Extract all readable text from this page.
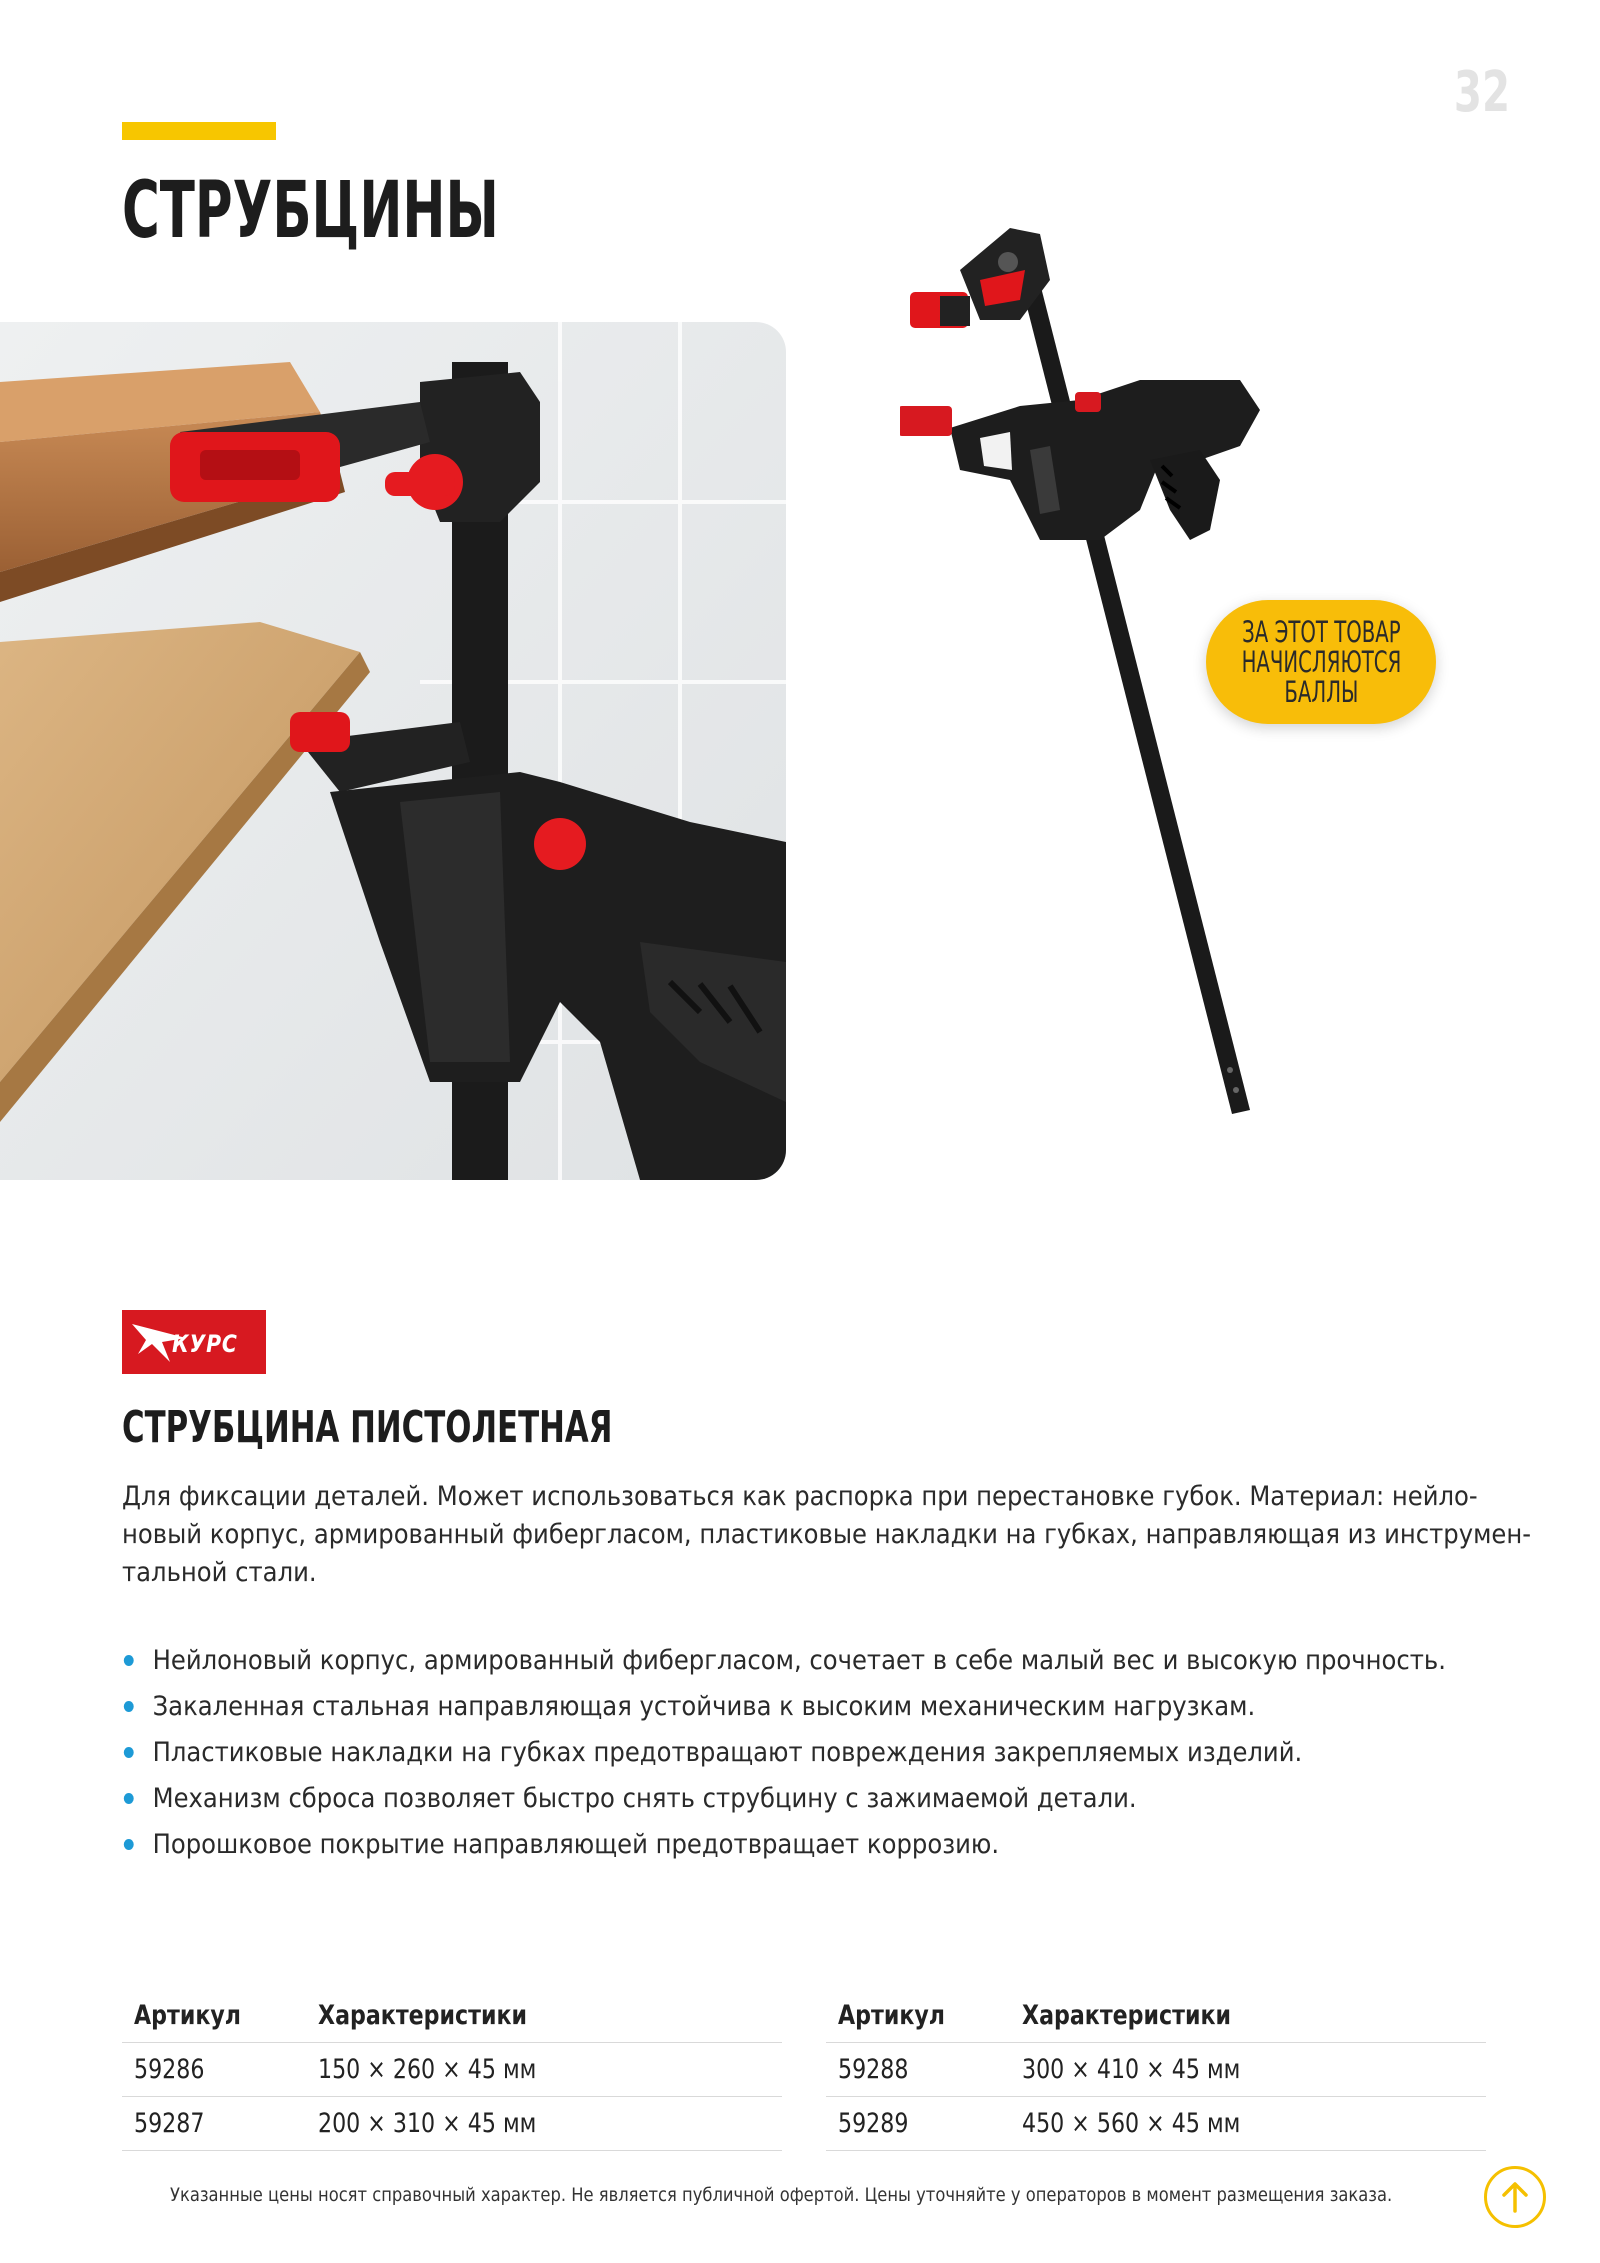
32
СТРУБЦИНЫ
ЗА ЭТОТ ТОВАР
НАЧИСЛЯЮТСЯ
БАЛЛЫ
КУРС
СТРУБЦИНА ПИСТОЛЕТНАЯ

Для фиксации деталей. Может использоваться как распорка при перестановке губок. Материал: нейло-

новый корпус, армированный фибергласом, пластиковые накладки на губках, направляющая из инструмен-

тальной стали.

Нейлоновый корпус, армированный фибергласом, сочетает в себе малый вес и высокую прочность.
Закаленная стальная направляющая устойчива к высоким механическим нагрузкам.
Пластиковые накладки на губках предотвращают повреждения закрепляемых изделий.
Механизм сброса позволяет быстро снять струбцину с зажимаемой детали.
Порошковое покрытие направляющей предотвращает коррозию.
Артикул	Характеристики
59286	150 × 260 × 45 мм
59287	200 × 310 × 45 мм
Артикул	Характеристики
59288	300 × 410 × 45 мм
59289	450 × 560 × 45 мм
Указанные цены носят справочный характер. Не является публичной офертой. Цены уточняйте у операторов в момент размещения заказа.
